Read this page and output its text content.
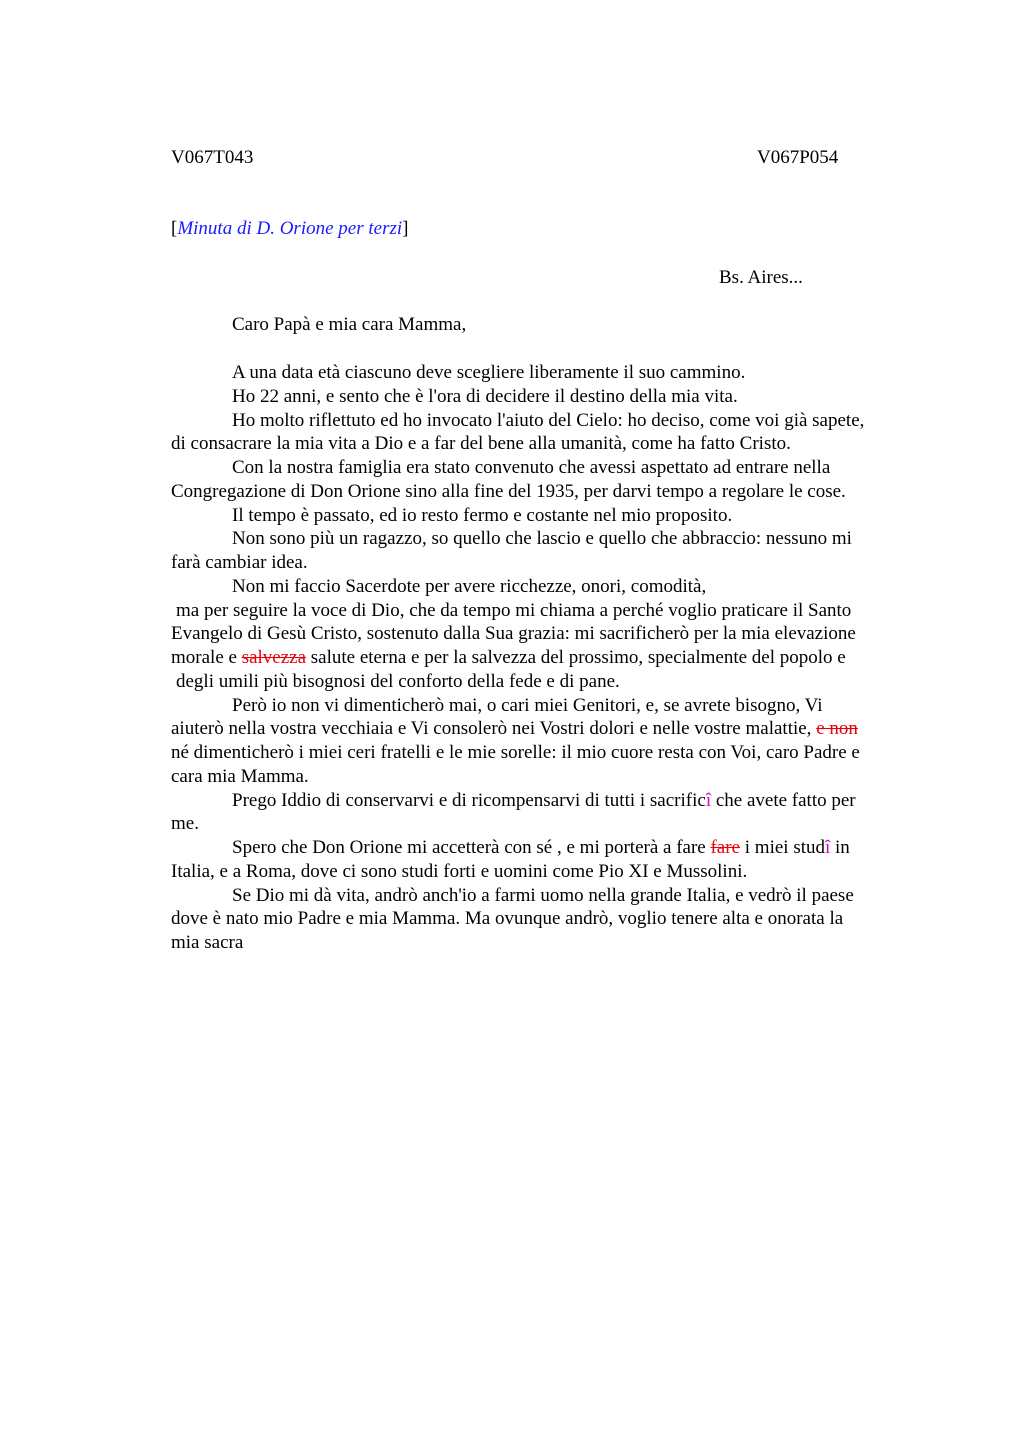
V067T043	V067P054
[Minuta di D. Orione per terzi]
Bs. Aires...
Caro Papà e mia cara Mamma,
A una data età ciascuno deve scegliere liberamente il suo cammino.
Ho 22 anni, e sento che è l'ora di decidere il destino della mia vita.
Ho molto riflettuto ed ho invocato l'aiuto del Cielo: ho deciso, come voi già sapete,
di consacrare la mia vita a Dio e a far del bene alla umanità, come ha fatto Cristo.
Con la nostra famiglia era stato convenuto che avessi aspettato ad entrare nella
Congregazione di Don Orione sino alla fine del 1935, per darvi tempo a regolare le cose.
Il tempo è passato, ed io resto fermo e costante nel mio proposito.
Non sono più un ragazzo, so quello che lascio e quello che abbraccio: nessuno mi
farà cambiar idea.
Non mi faccio Sacerdote per avere ricchezze, onori, comodità,
ma per seguire la voce di Dio, che da tempo mi chiama a perché voglio praticare il Santo
Evangelo di Gesù Cristo, sostenuto dalla Sua grazia: mi sacrificherò per la mia elevazione
morale e salvezza salute eterna e per la salvezza del prossimo, specialmente del popolo e
degli umili più bisognosi del conforto della fede e di pane.
Però io non vi dimenticherò mai, o cari miei Genitori, e, se avrete bisogno, Vi
aiuterò nella vostra vecchiaia e Vi consolerò nei Vostri dolori e nelle vostre malattie, e non
né dimenticherò i miei ceri fratelli e le mie sorelle: il mio cuore resta con Voi, caro Padre e
cara mia Mamma.
Prego Iddio di conservarvi e di ricompensarvi di tutti i sacrificî che avete fatto per
me.
Spero che Don Orione mi accetterà con sé , e mi porterà a fare fare i miei studî in
Italia, e a Roma, dove ci sono studi forti e uomini come Pio XI e Mussolini.
Se Dio mi dà vita, andrò anch'io a farmi uomo nella grande Italia, e vedrò il paese
dove è nato mio Padre e mia Mamma. Ma ovunque andrò, voglio tenere alta e onorata la
mia sacra
